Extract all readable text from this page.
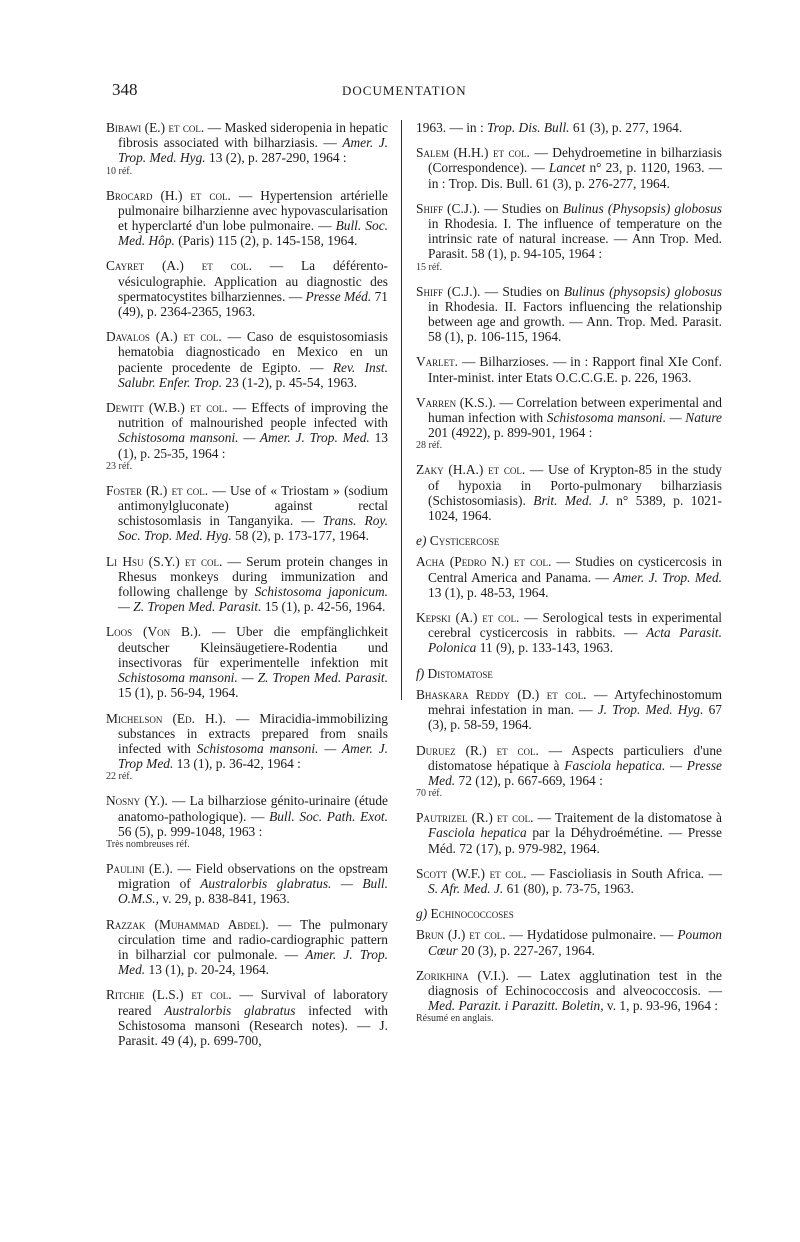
348	DOCUMENTATION
Bibawi (E.) et col. — Masked sideropenia in hepatic fibrosis associated with bilharziasis. — Amer. J. Trop. Med. Hyg. 13 (2), p. 287-290, 1964 :
10 réf.
Brocard (H.) et col. — Hypertension artérielle pulmonaire bilharzienne avec hypovascularisation et hyperclarté d'un lobe pulmonaire. — Bull. Soc. Med. Hôp. (Paris) 115 (2), p. 145-158, 1964.
Cayret (A.) et col. — La déférento-vésiculographie. Application au diagnostic des spermatocystites bilharziennes. — Presse Méd. 71 (49), p. 2364-2365, 1963.
Davalos (A.) et col. — Caso de esquistosomiasis hematobia diagnosticado en Mexico en un paciente procedente de Egipto. — Rev. Inst. Salubr. Enfer. Trop. 23 (1-2), p. 45-54, 1963.
Dewitt (W.B.) et col. — Effects of improving the nutrition of malnourished people infected with Schistosoma mansoni. — Amer. J. Trop. Med. 13 (1), p. 25-35, 1964 :
23 réf.
Foster (R.) et col. — Use of « Triostam » (sodium antimonylgluconate) against rectal schistosomlasis in Tanganyika. — Trans. Roy. Soc. Trop. Med. Hyg. 58 (2), p. 173-177, 1964.
Li Hsu (S.Y.) et col. — Serum protein changes in Rhesus monkeys during immunization and following challenge by Schistosoma japonicum. — Z. Tropen Med. Parasit. 15 (1), p. 42-56, 1964.
Loos (Von B.). — Uber die empfänglichkeit deutscher Kleinsäugetiere-Rodentia und insectivoras für experimentelle infektion mit Schistosoma mansoni. — Z. Tropen Med. Parasit. 15 (1), p. 56-94, 1964.
Michelson (Ed. H.). — Miracidia-immobilizing substances in extracts prepared from snails infected with Schistosoma mansoni. — Amer. J. Trop Med. 13 (1), p. 36-42, 1964 :
22 réf.
Nosny (Y.). — La bilharziose génito-urinaire (étude anatomo-pathologique). — Bull. Soc. Path. Exot. 56 (5), p. 999-1048, 1963 :
Très nombreuses réf.
Paulini (E.). — Field observations on the opstream migration of Australorbis glabratus. — Bull. O.M.S., v. 29, p. 838-841, 1963.
Razzak (Muhammad Abdel). — The pulmonary circulation time and radio-cardiographic pattern in bilharzial cor pulmonale. — Amer. J. Trop. Med. 13 (1), p. 20-24, 1964.
Ritchie (L.S.) et col. — Survival of laboratory reared Australorbis glabratus infected with Schistosoma mansoni (Research notes). — J. Parasit. 49 (4), p. 699-700,
1963. — in : Trop. Dis. Bull. 61 (3), p. 277, 1964.
Salem (H.H.) et col. — Dehydroemetine in bilharziasis (Correspondence). — Lancet n° 23, p. 1120, 1963. — in : Trop. Dis. Bull. 61 (3), p. 276-277, 1964.
Shiff (C.J.). — Studies on Bulinus (Physopsis) globosus in Rhodesia. I. The influence of temperature on the intrinsic rate of natural increase. — Ann Trop. Med. Parasit. 58 (1), p. 94-105, 1964 :
15 réf.
Shiff (C.J.). — Studies on Bulinus (physopsis) globosus in Rhodesia. II. Factors influencing the relationship between age and growth. — Ann. Trop. Med. Parasit. 58 (1), p. 106-115, 1964.
Varlet. — Bilharzioses. — in : Rapport final XIe Conf. Inter-minist. inter Etats O.C.C.G.E. p. 226, 1963.
Varren (K.S.). — Correlation between experimental and human infection with Schistosoma mansoni. — Nature 201 (4922), p. 899-901, 1964 :
28 réf.
Zaky (H.A.) et col. — Use of Krypton-85 in the study of hypoxia in Porto-pulmonary bilharziasis (Schistosomiasis). Brit. Med. J. n° 5389, p. 1021-1024, 1964.
e) Cysticercose
Acha (Pedro N.) et col. — Studies on cysticercosis in Central America and Panama. — Amer. J. Trop. Med. 13 (1), p. 48-53, 1964.
Kepski (A.) et col. — Serological tests in experimental cerebral cysticercosis in rabbits. — Acta Parasit. Polonica 11 (9), p. 133-143, 1963.
f) Distomatose
Bhaskara Reddy (D.) et col. — Artyfechinostomum mehrai infestation in man. — J. Trop. Med. Hyg. 67 (3), p. 58-59, 1964.
Duruez (R.) et col. — Aspects particuliers d'une distomatose hépatique à Fasciola hepatica. — Presse Med. 72 (12), p. 667-669, 1964 :
70 réf.
Pautrizel (R.) et col. — Traitement de la distomatose à Fasciola hepatica par la Déhydroémétine. — Presse Méd. 72 (17), p. 979-982, 1964.
Scott (W.F.) et col. — Fascioliasis in South Africa. — S. Afr. Med. J. 61 (80), p. 73-75, 1963.
g) Echinococcoses
Brun (J.) et col. — Hydatidose pulmonaire. — Poumon Cœur 20 (3), p. 227-267, 1964.
Zorikhina (V.I.). — Latex agglutination test in the diagnosis of Echinococcosis and alveococcosis. — Med. Parazit. i Parazitt. Boletin, v. 1, p. 93-96, 1964 :
Résumé en anglais.
